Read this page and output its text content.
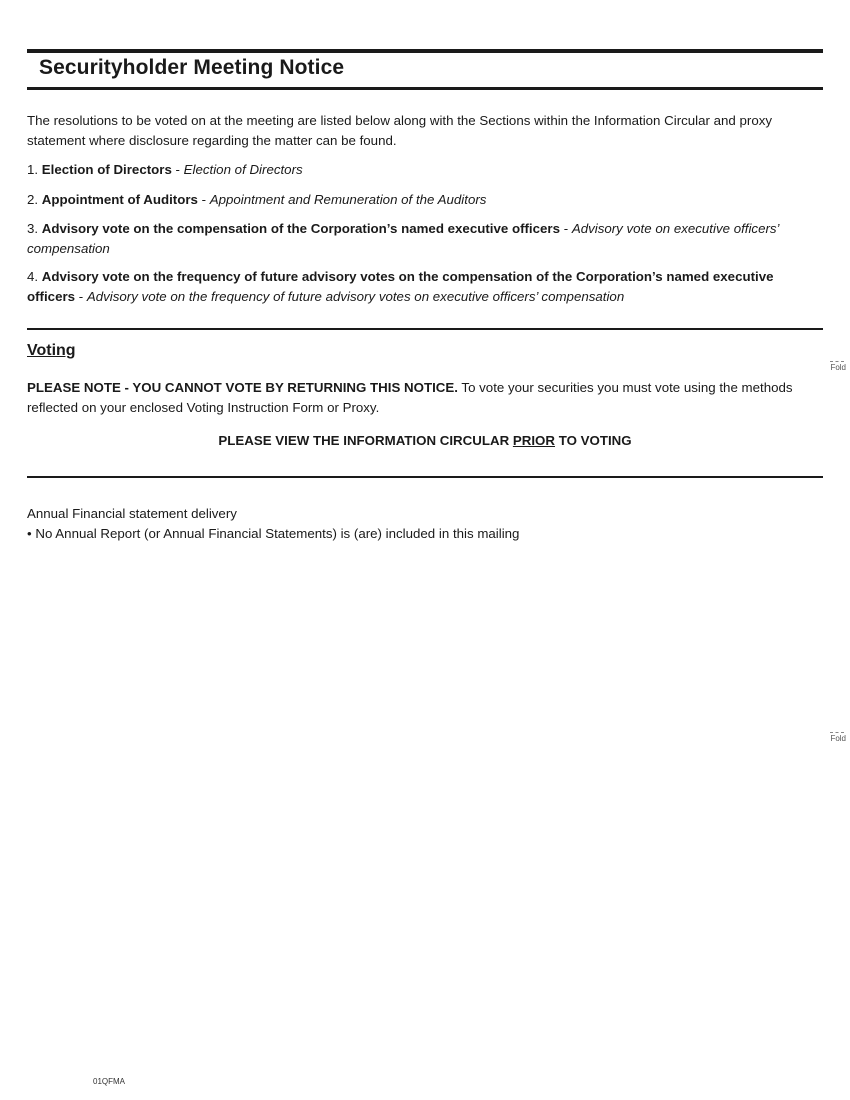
Securityholder Meeting Notice

The resolutions to be voted on at the meeting are listed below along with the Sections within the Information Circular and proxy statement where disclosure regarding the matter can be found.

1. Election of Directors - Election of Directors

2. Appointment of Auditors - Appointment and Remuneration of the Auditors

3. Advisory vote on the compensation of the Corporation’s named executive officers - Advisory vote on executive officers’ compensation

4. Advisory vote on the frequency of future advisory votes on the compensation of the Corporation’s named executive officers - Advisory vote on the frequency of future advisory votes on executive officers’ compensation

Voting
Fold

PLEASE NOTE - YOU CANNOT VOTE BY RETURNING THIS NOTICE. To vote your securities you must vote using the methods reflected on your enclosed Voting Instruction Form or Proxy.

PLEASE VIEW THE INFORMATION CIRCULAR PRIOR TO VOTING

Annual Financial statement delivery

• No Annual Report (or Annual Financial Statements) is (are) included in this mailing

Fold
01QFMA
